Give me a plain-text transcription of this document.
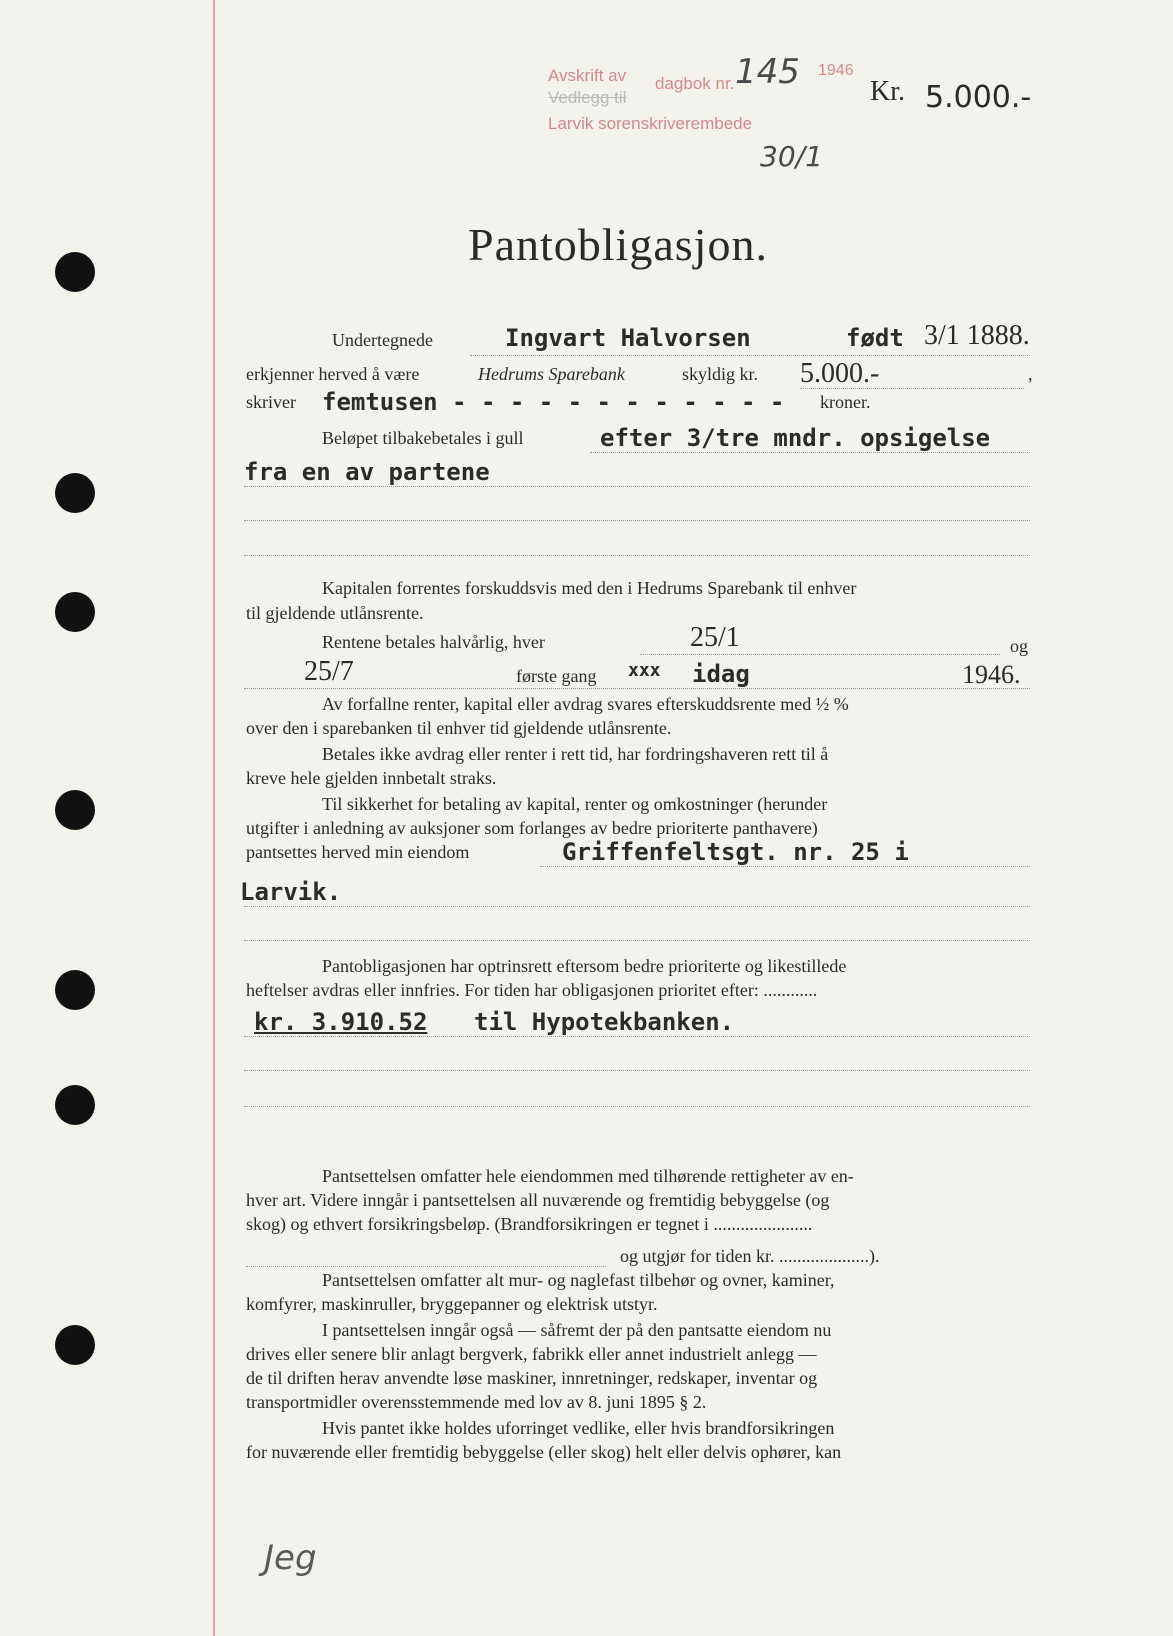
Avskrift av
Vedlegg til
dagbok nr. 145 1946
Larvik sorenskriverembede
30/1
Kr. 5.000.-
Pantobligasjon.
Undertegnede	Ingvart Halvorsen	født 3/1 1888.
erkjenner herved å være	Hedrums Sparebank	skyldig kr. 5.000.-	,
skriver femtusen - - - - - - - - - - - - kroner.
Beløpet tilbakebetales i gull	efter 3/tre mndr. opsigelse
fra en av partene
Kapitalen forrentes forskuddsvis med den i Hedrums Sparebank til enhver
til gjeldende utlånsrente.
Rentene betales halvårlig, hver	25/1	og
25/7	første gang xxx idag	1946.
Av forfallne renter, kapital eller avdrag svares efterskuddsrente med ½ %
over den i sparebanken til enhver tid gjeldende utlånsrente.
Betales ikke avdrag eller renter i rett tid, har fordringshaveren rett til å
kreve hele gjelden innbetalt straks.
Til sikkerhet for betaling av kapital, renter og omkostninger (herunder
utgifter i anledning av auksjoner som forlanges av bedre prioriterte panthavere)
pantsettes herved min eiendom	Griffenfeltsgt. nr. 25 i
Larvik.
Pantobligasjonen har optrinsrett eftersom bedre prioriterte og likestillede
heftelser avdras eller innfries. For tiden har obligasjonen prioritet efter: ............
kr. 3.910.52 til Hypotekbanken.
Pantsettelsen omfatter hele eiendommen med tilhørende rettigheter av en-
hver art. Videre inngår i pantsettelsen all nuværende og fremtidig bebyggelse (og
skog) og ethvert forsikringsbeløp. (Brandforsikringen er tegnet i ......................
og utgjør for tiden kr. ....................).
Pantsettelsen omfatter alt mur- og naglefast tilbehør og ovner, kaminer,
komfyrer, maskinruller, bryggepanner og elektrisk utstyr.
I pantsettelsen inngår også — såfremt der på den pantsatte eiendom nu
drives eller senere blir anlagt bergverk, fabrikk eller annet industrielt anlegg —
de til driften herav anvendte løse maskiner, innretninger, redskaper, inventar og
transportmidler overensstemmende med lov av 8. juni 1895 § 2.
Hvis pantet ikke holdes uforringet vedlike, eller hvis brandforsikringen
for nuværende eller fremtidig bebyggelse (eller skog) helt eller delvis ophører, kan
Jeg
